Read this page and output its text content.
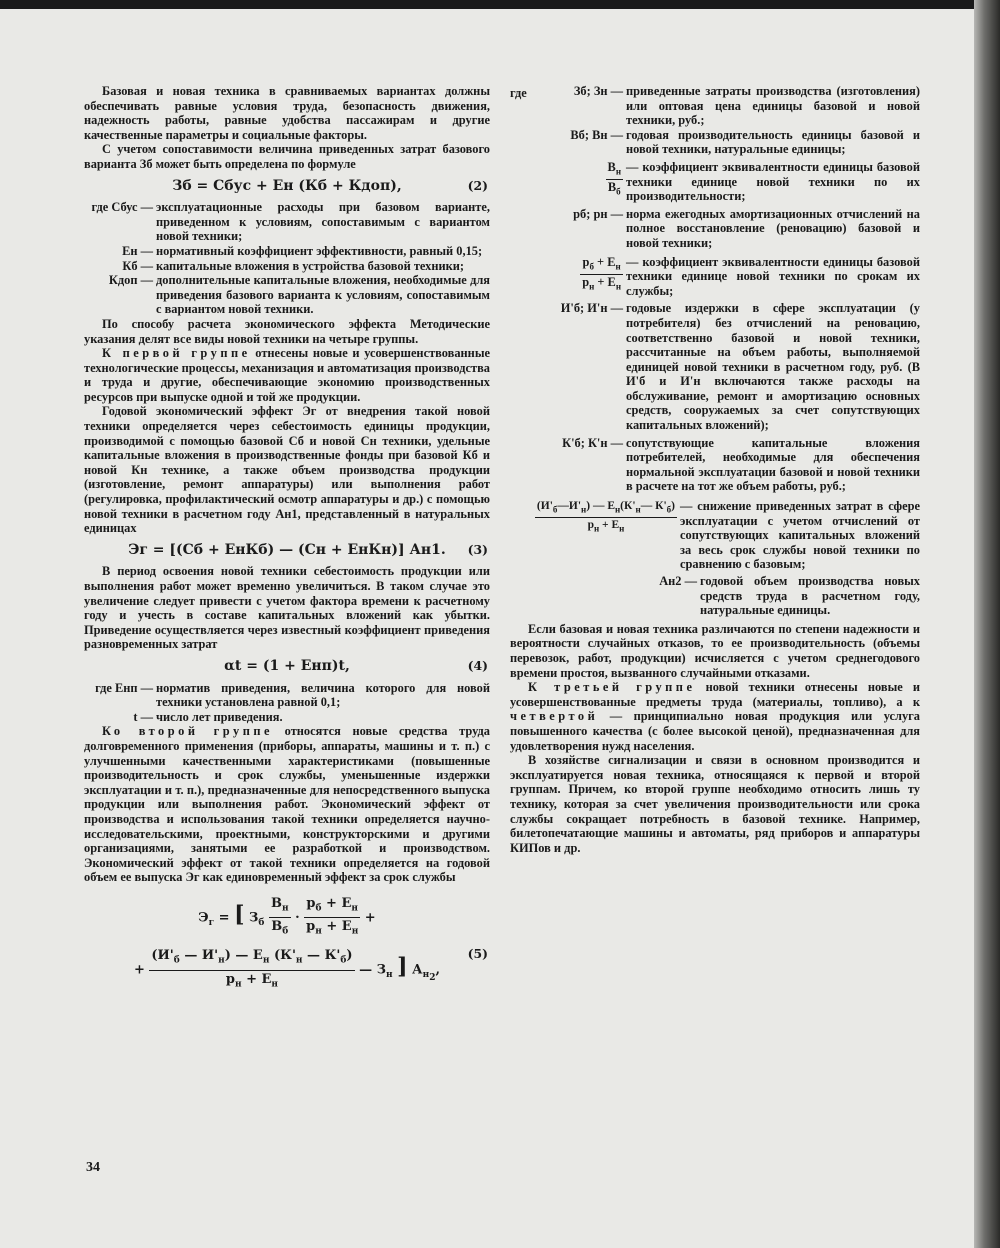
Базовая и новая техника в сравниваемых вариантах должны обеспечивать равные условия труда, безопасность движения, надежность работы, равные удобства пассажирам и другие качественные параметры и социальные факторы.

С учетом сопоставимости величина приведенных затрат базового варианта Зб может быть определена по формуле

Зб = Сбус + Ен (Кб + Кдоп),	(2)
где Сбус — эксплуатационные расходы при базовом варианте, приведенном к условиям, сопоставимым с вариантом новой техники;
Ен — нормативный коэффициент эффективности, равный 0,15;
Кб — капитальные вложения в устройства базовой техники;
Кдоп — дополнительные капитальные вложения, необходимые для приведения базового варианта к условиям, сопоставимым с вариантом новой техники.

По способу расчета экономического эффекта Методические указания делят все виды новой техники на четыре группы.

К первой группе отнесены новые и усовершенствованные технологические процессы, механизация и автоматизация производства и труда и другие, обеспечивающие экономию производственных ресурсов при выпуске одной и той же продукции.

Годовой экономический эффект Эг от внедрения такой новой техники определяется через себестоимость единицы продукции, производимой с помощью базовой Сб и новой Сн техники, удельные капитальные вложения в производственные фонды при базовой Кб и новой Кн технике, а также объем производства продукции (изготовление, ремонт аппаратуры) или выполнения работ (регулировка, профилактический осмотр аппаратуры и др.) с помощью новой техники в расчетном году Ан1, представленный в натуральных единицах

Эг = [(Сб + ЕнКб) — (Сн + ЕнКн)] Ан1. (3)

В период освоения новой техники себестоимость продукции или выполнения работ может временно увеличиться. В таком случае это увеличение следует привести с учетом фактора времени к расчетному году и учесть в составе капитальных вложений как убытки. Приведение осуществляется через известный коэффициент приведения разновременных затрат

αt = (1 + Енп)t,	(4)
где Енп — норматив приведения, величина которого для новой техники установлена равной 0,1;
t — число лет приведения.

Ко второй группе относятся новые средства труда долговременного применения (приборы, аппараты, машины и т. п.) с улучшенными качественными характеристиками (повышенные производительность и срок службы, уменьшенные издержки эксплуатации и т. п.), предназначенные для непосредственного выпуска продукции или выполнения работ. Экономический эффект от производства и использования такой техники определяется научно-исследовательскими, проектными, конструкторскими и другими организациями, занятыми ее разработкой и производством. Экономический эффект от такой техники определяется на годовой объем ее выпуска Эг как единовременный эффект за срок службы

$Э_г$ = [ $З_б \frac{В_н}{В_б} \cdot \frac{р_б + Е_н}{р_н + Е_н}$ +
+ $\frac{(И'_б — И'_н) — Е_н (К'_н — К'_б)}{р_н + Е_н}$ — $З_н$ ] $А_{н_2}$,
(5)
где	Зб; Зн — приведенные затраты производства (изготовления) или оптовая цена единицы базовой и новой техники, руб.;
Вб; Вн — годовая производительность единицы базовой и новой техники, натуральные единицы;
$\frac{В_н}{В_б}$ — коэффициент эквивалентности единицы базовой техники единице новой техники по их производительности;
рб; рн — норма ежегодных амортизационных отчислений на полное восстановление (реновацию) базовой и новой техники;
$\frac{р_б + Е_н}{р_н + Е_н}$ — коэффициент эквивалентности единицы базовой техники единице новой техники по срокам их службы;
И'б; И'н — годовые издержки в сфере эксплуатации (у потребителя) без отчислений на реновацию, соответственно базовой и новой техники, рассчитанные на объем работы, выполняемой единицей новой техники в расчетном году, руб. (В И'б и И'н включаются также расходы на обслуживание, ремонт и амортизацию основных средств, сооружаемых за счет сопутствующих капитальных вложений);
К'б; К'н — сопутствующие капитальные вложения потребителей, необходимые для обеспечения нормальной эксплуатации базовой и новой техники в расчете на тот же объем работы, руб.;
$\frac{(И'_б—И'_н) — Е_н(К'_н— К'_б)}{р_н + Е_н}$ — снижение приведенных затрат в сфере эксплуатации с учетом отчислений от сопутствующих капитальных вложений за весь срок службы новой техники по сравнению с базовым;
Ан2 — годовой объем производства новых средств труда в расчетном году, натуральные единицы.

Если базовая и новая техника различаются по степени надежности и вероятности случайных отказов, то ее производительность (объемы перевозок, работ, продукции) исчисляется с учетом среднегодового времени простоя, вызванного случайными отказами.

К третьей группе новой техники отнесены новые и усовершенствованные предметы труда (материалы, топливо), а к четвертой — принципиально новая продукция или услуга повышенного качества (с более высокой ценой), предназначенная для удовлетворения нужд населения.

В хозяйстве сигнализации и связи в основном производится и эксплуатируется новая техника, относящаяся к первой и второй группам. Причем, ко второй группе необходимо относить лишь ту технику, которая за счет увеличения производительности или срока службы сокращает потребность в базовой технике. Например, билетопечатающие машины и автоматы, ряд приборов и аппаратуры КИПов и др.

34
